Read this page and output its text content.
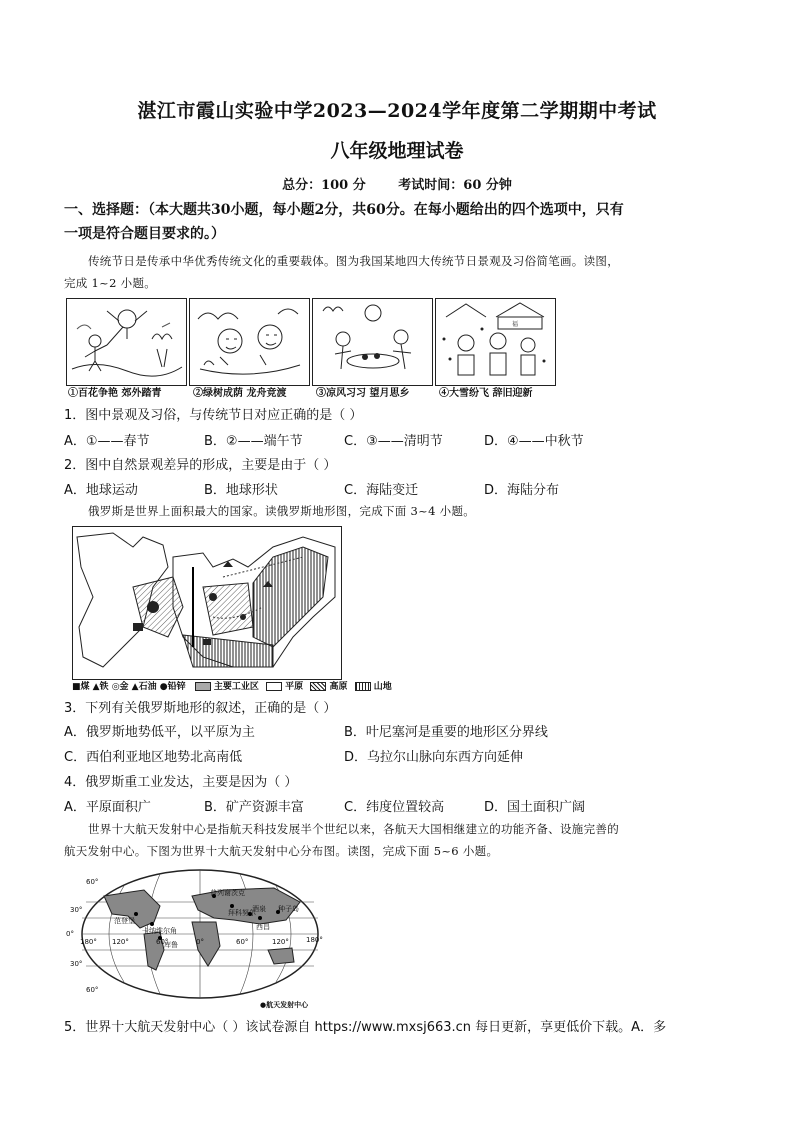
湛江市霞山实验中学2023—2024学年度第二学期期中考试
八年级地理试卷
总分：100 分	考试时间：60 分钟
一、选择题：（本大题共30小题，每小题2分，共60分。在每小题给出的四个选项中，只有
一项是符合题目要求的。）
传统节日是传承中华优秀传统文化的重要载体。图为我国某地四大传统节日景观及习俗简笔画。读图，
完成 1~2 小题。
福
①百花争艳 郊外踏青	②绿树成荫 龙舟竞渡	③凉风习习 望月思乡	④大雪纷飞 辞旧迎新
1．图中景观及习俗，与传统节日对应正确的是（ ）
A．①——春节	B．②——端午节	C．③——清明节	D．④——中秋节
2．图中自然景观差异的形成，主要是由于（ ）
A．地球运动	B．地球形状	C．海陆变迁	D．海陆分布
俄罗斯是世界上面积最大的国家。读俄罗斯地形图，完成下面 3~4 小题。
■煤 ▲铁 ◎金 ▲石油 ●铅锌	主要工业区	平原	高原	山地
3．下列有关俄罗斯地形的叙述，正确的是（ ）
A．俄罗斯地势低平，以平原为主	B．叶尼塞河是重要的地形区分界线
C．西伯利亚地区地势北高南低	D．乌拉尔山脉向东西方向延伸
4．俄罗斯重工业发达，主要是因为（ ）
A．平原面积广	B．矿产资源丰富	C．纬度位置较高	D．国土面积广阔
世界十大航天发射中心是指航天科技发展半个世纪以来，各航天大国相继建立的功能齐备、设施完善的
航天发射中心。下图为世界十大航天发射中心分布图。读图，完成下面 5~6 小题。
60°
30°
0°
30°
60°
180° 120°	60°	0°	60°	120° 180°
普列谢茨克
范登堡
卡纳维尔角
库鲁
拜科努尔
酒泉
西昌
种子岛
●航天发射中心
5．世界十大航天发射中心（ ）该试卷源自 https://www.mxsj663.cn 每日更新，享更低价下载。A．多
